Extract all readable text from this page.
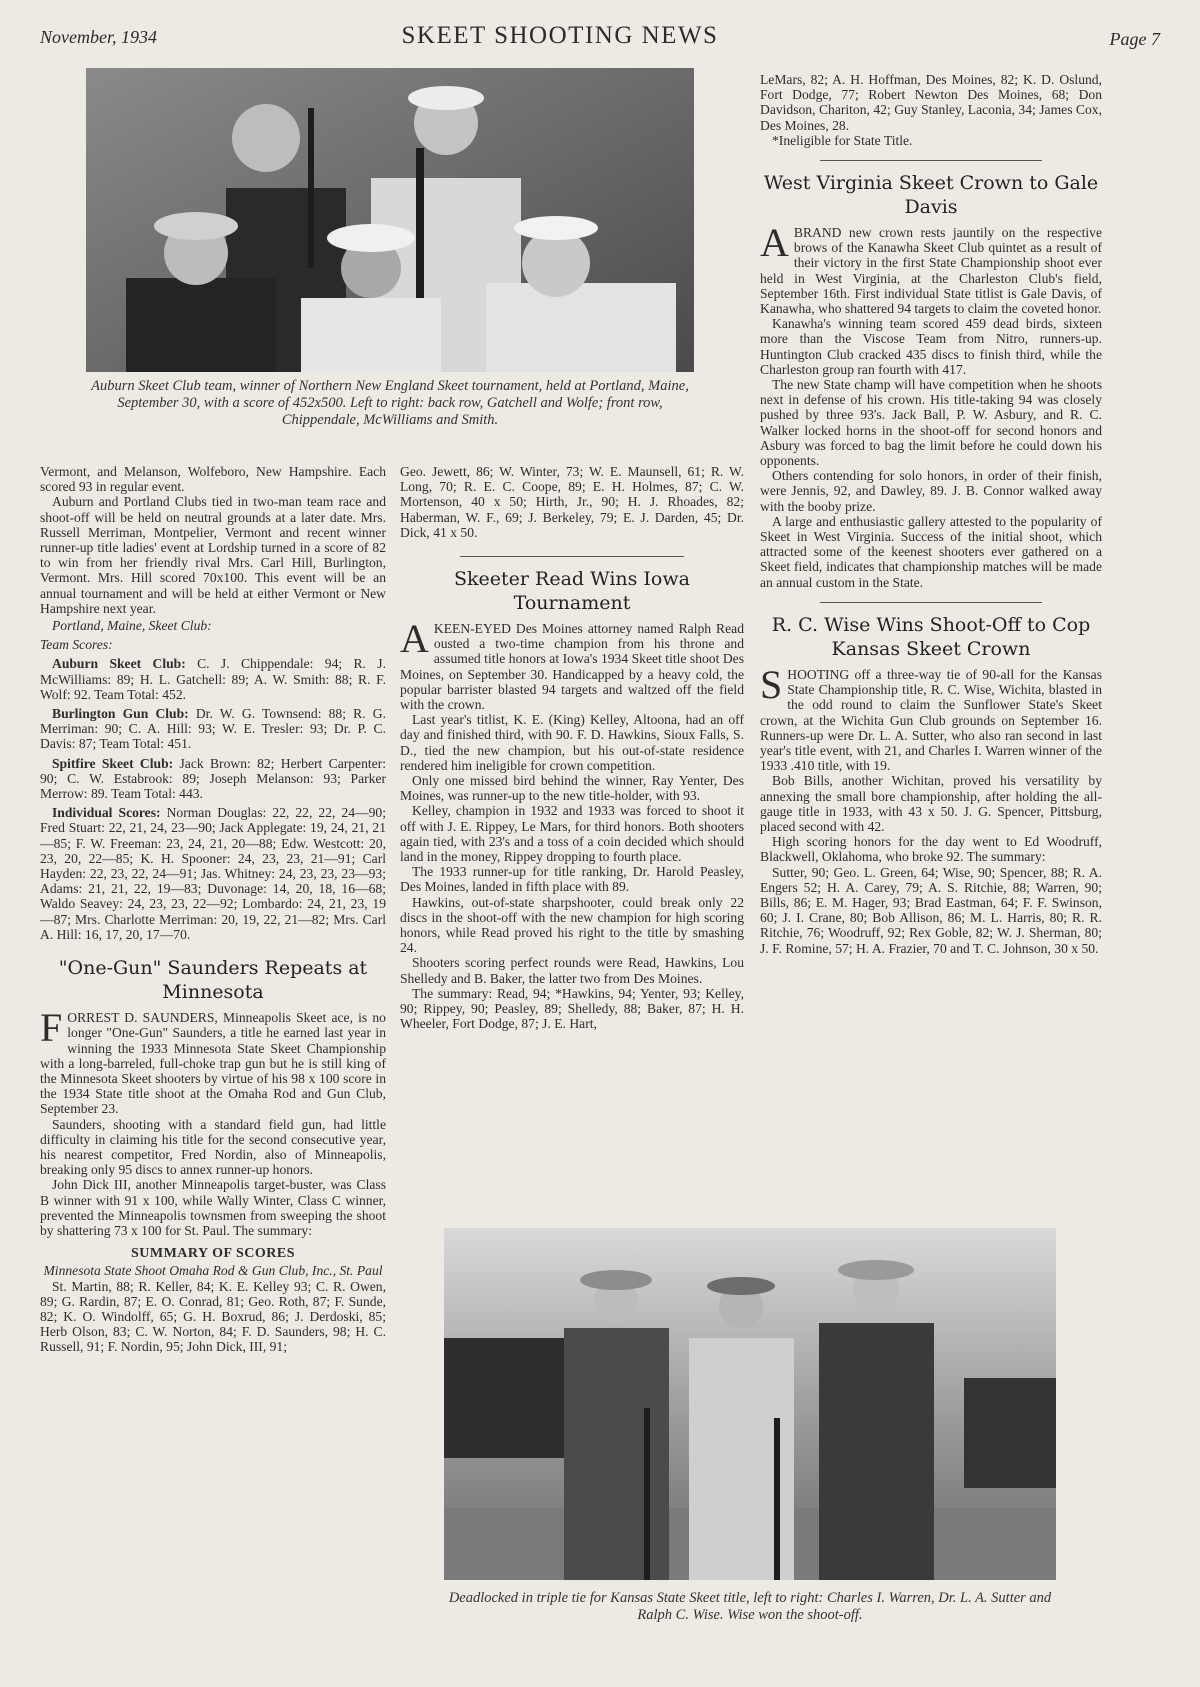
November, 1934	SKEET SHOOTING NEWS	Page 7
Auburn Skeet Club team, winner of Northern New England Skeet tournament, held at Portland, Maine, September 30, with a score of 452x500. Left to right: back row, Gatchell and Wolfe; front row, Chippendale, McWilliams and Smith.

Vermont, and Melanson, Wolfeboro, New Hampshire. Each scored 93 in regular event.

Auburn and Portland Clubs tied in two-man team race and shoot-off will be held on neutral grounds at a later date. Mrs. Russell Merriman, Montpelier, Vermont and recent winner runner-up title ladies' event at Lordship turned in a score of 82 to win from her friendly rival Mrs. Carl Hill, Burlington, Vermont. Mrs. Hill scored 70x100. This event will be an annual tournament and will be held at either Vermont or New Hampshire next year.

Portland, Maine, Skeet Club:

Team Scores:

Auburn Skeet Club: C. J. Chippendale: 94; R. J. McWilliams: 89; H. L. Gatchell: 89; A. W. Smith: 88; R. F. Wolf: 92. Team Total: 452.

Burlington Gun Club: Dr. W. G. Townsend: 88; R. G. Merriman: 90; C. A. Hill: 93; W. E. Tresler: 93; Dr. P. C. Davis: 87; Team Total: 451.

Spitfire Skeet Club: Jack Brown: 82; Herbert Carpenter: 90; C. W. Estabrook: 89; Joseph Melanson: 93; Parker Merrow: 89. Team Total: 443.

Individual Scores: Norman Douglas: 22, 22, 22, 24—90; Fred Stuart: 22, 21, 24, 23—90; Jack Applegate: 19, 24, 21, 21—85; F. W. Freeman: 23, 24, 21, 20—88; Edw. Westcott: 20, 23, 20, 22—85; K. H. Spooner: 24, 23, 23, 21—91; Carl Hayden: 22, 23, 22, 24—91; Jas. Whitney: 24, 23, 23, 23—93; Adams: 21, 21, 22, 19—83; Duvonage: 14, 20, 18, 16—68; Waldo Seavey: 24, 23, 23, 22—92; Lombardo: 24, 21, 23, 19—87; Mrs. Charlotte Merriman: 20, 19, 22, 21—82; Mrs. Carl A. Hill: 16, 17, 20, 17—70.

"One-Gun" Saunders Repeats at Minnesota

FORREST D. SAUNDERS, Minneapolis Skeet ace, is no longer "One-Gun" Saunders, a title he earned last year in winning the 1933 Minnesota State Skeet Championship with a long-barreled, full-choke trap gun but he is still king of the Minnesota Skeet shooters by virtue of his 98 x 100 score in the 1934 State title shoot at the Omaha Rod and Gun Club, September 23.

Saunders, shooting with a standard field gun, had little difficulty in claiming his title for the second consecutive year, his nearest competitor, Fred Nordin, also of Minneapolis, breaking only 95 discs to annex runner-up honors.

John Dick III, another Minneapolis target-buster, was Class B winner with 91 x 100, while Wally Winter, Class C winner, prevented the Minneapolis townsmen from sweeping the shoot by shattering 73 x 100 for St. Paul. The summary:

SUMMARY OF SCORES

Minnesota State Shoot Omaha Rod & Gun Club, Inc., St. Paul

St. Martin, 88; R. Keller, 84; K. E. Kelley 93; C. R. Owen, 89; G. Rardin, 87; E. O. Conrad, 81; Geo. Roth, 87; F. Sunde, 82; K. O. Windolff, 65; G. H. Boxrud, 86; J. Derdoski, 85; Herb Olson, 83; C. W. Norton, 84; F. D. Saunders, 98; H. C. Russell, 91; F. Nordin, 95; John Dick, III, 91;

Geo. Jewett, 86; W. Winter, 73; W. E. Maunsell, 61; R. W. Long, 70; R. E. C. Coope, 89; E. H. Holmes, 87; C. W. Mortenson, 40 x 50; Hirth, Jr., 90; H. J. Rhoades, 82; Haberman, W. F., 69; J. Berkeley, 79; E. J. Darden, 45; Dr. Dick, 41 x 50.

Skeeter Read Wins Iowa Tournament

AKEEN-EYED Des Moines attorney named Ralph Read ousted a two-time champion from his throne and assumed title honors at Iowa's 1934 Skeet title shoot Des Moines, on September 30. Handicapped by a heavy cold, the popular barrister blasted 94 targets and waltzed off the field with the crown.

Last year's titlist, K. E. (King) Kelley, Altoona, had an off day and finished third, with 90. F. D. Hawkins, Sioux Falls, S. D., tied the new champion, but his out-of-state residence rendered him ineligible for crown competition.

Only one missed bird behind the winner, Ray Yenter, Des Moines, was runner-up to the new title-holder, with 93.

Kelley, champion in 1932 and 1933 was forced to shoot it off with J. E. Rippey, Le Mars, for third honors. Both shooters again tied, with 23's and a toss of a coin decided which should land in the money, Rippey dropping to fourth place.

The 1933 runner-up for title ranking, Dr. Harold Peasley, Des Moines, landed in fifth place with 89.

Hawkins, out-of-state sharpshooter, could break only 22 discs in the shoot-off with the new champion for high scoring honors, while Read proved his right to the title by smashing 24.

Shooters scoring perfect rounds were Read, Hawkins, Lou Shelledy and B. Baker, the latter two from Des Moines.

The summary: Read, 94; *Hawkins, 94; Yenter, 93; Kelley, 90; Rippey, 90; Peasley, 89; Shelledy, 88; Baker, 87; H. H. Wheeler, Fort Dodge, 87; J. E. Hart,

LeMars, 82; A. H. Hoffman, Des Moines, 82; K. D. Oslund, Fort Dodge, 77; Robert Newton Des Moines, 68; Don Davidson, Chariton, 42; Guy Stanley, Laconia, 34; James Cox, Des Moines, 28.

*Ineligible for State Title.

West Virginia Skeet Crown to Gale Davis

ABRAND new crown rests jauntily on the respective brows of the Kanawha Skeet Club quintet as a result of their victory in the first State Championship shoot ever held in West Virginia, at the Charleston Club's field, September 16th. First individual State titlist is Gale Davis, of Kanawha, who shattered 94 targets to claim the coveted honor.

Kanawha's winning team scored 459 dead birds, sixteen more than the Viscose Team from Nitro, runners-up. Huntington Club cracked 435 discs to finish third, while the Charleston group ran fourth with 417.

The new State champ will have competition when he shoots next in defense of his crown. His title-taking 94 was closely pushed by three 93's. Jack Ball, P. W. Asbury, and R. C. Walker locked horns in the shoot-off for second honors and Asbury was forced to bag the limit before he could down his opponents.

Others contending for solo honors, in order of their finish, were Jennis, 92, and Dawley, 89. J. B. Connor walked away with the booby prize.

A large and enthusiastic gallery attested to the popularity of Skeet in West Virginia. Success of the initial shoot, which attracted some of the keenest shooters ever gathered on a Skeet field, indicates that championship matches will be made an annual custom in the State.

R. C. Wise Wins Shoot-Off to Cop Kansas Skeet Crown

SHOOTING off a three-way tie of 90-all for the Kansas State Championship title, R. C. Wise, Wichita, blasted in the odd round to claim the Sunflower State's Skeet crown, at the Wichita Gun Club grounds on September 16. Runners-up were Dr. L. A. Sutter, who also ran second in last year's title event, with 21, and Charles I. Warren winner of the 1933 .410 title, with 19.

Bob Bills, another Wichitan, proved his versatility by annexing the small bore championship, after holding the all-gauge title in 1933, with 43 x 50. J. G. Spencer, Pittsburg, placed second with 42.

High scoring honors for the day went to Ed Woodruff, Blackwell, Oklahoma, who broke 92. The summary:

Sutter, 90; Geo. L. Green, 64; Wise, 90; Spencer, 88; R. A. Engers 52; H. A. Carey, 79; A. S. Ritchie, 88; Warren, 90; Bills, 86; E. M. Hager, 93; Brad Eastman, 64; F. F. Swinson, 60; J. I. Crane, 80; Bob Allison, 86; M. L. Harris, 80; R. R. Ritchie, 76; Woodruff, 92; Rex Goble, 82; W. J. Sherman, 80; J. F. Romine, 57; H. A. Frazier, 70 and T. C. Johnson, 30 x 50.

Deadlocked in triple tie for Kansas State Skeet title, left to right: Charles I. Warren, Dr. L. A. Sutter and Ralph C. Wise. Wise won the shoot-off.
